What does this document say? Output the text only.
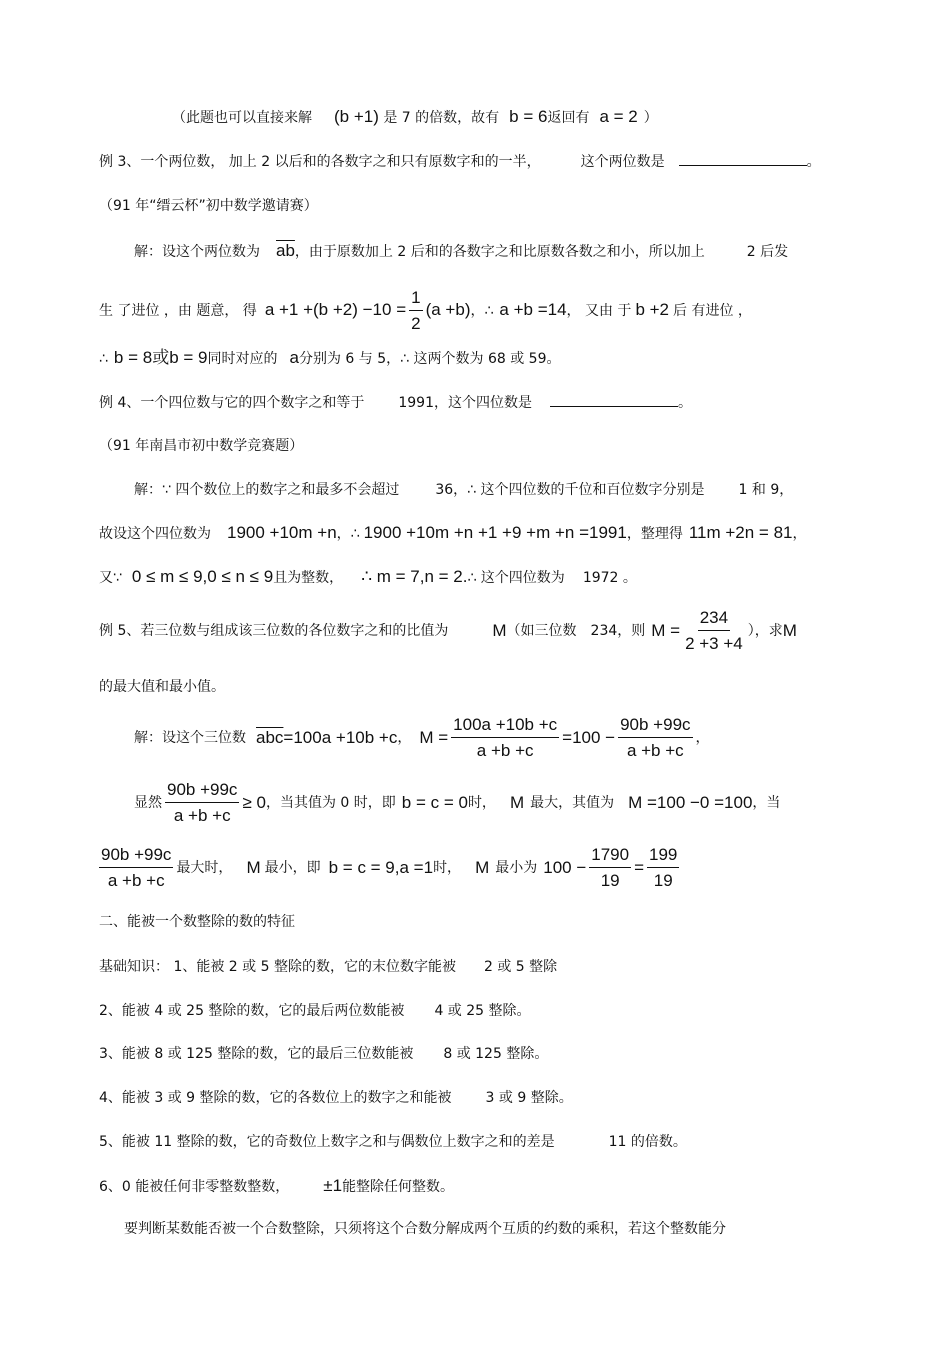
（此题也可以直接来解 (b +1) 是 7 的倍数，故有 b = 6返回有 a = 2 ）
例 3、一个两位数， 加上 2 以后和的各数字之和只有原数字和的一半，	这个两位数是	。
（91 年“缙云杯”初中数学邀请赛）
解：设这个两位数为 $\overline{ab}$，由于原数加上 2 后和的各数字之和比原数各数之和小，所以加上	2 后发
生 了进位 ，由 题意， 得 $a +1 +(b +2) -10 = \frac{1}{2} (a +b)$，∴ a +b =14， 又由 于 b +2 后 有进位 ，
∴ b = 8或b = 9同时对应的 a分别为 6 与 5，∴ 这两个数为 68 或 59。
例 4、一个四位数与它的四个数字之和等于 1991，这个四位数是	。
（91 年南昌市初中数学竞赛题）
解：∵ 四个数位上的数字之和最多不会超过	36，∴ 这个四位数的千位和百位数字分别是 1 和 9，
故设这个四位数为 1900 +10m +n，∴ 1900 +10m +n +1 +9 +m +n =1991，整理得 11m +2n = 81，
又∵ 0 ≤ m ≤ 9,0 ≤ n ≤ 9且为整数， ∴ m = 7,n = 2.∴ 这个四位数为 1972 。
例 5、若三位数与组成该三位数的各位数字之和的比值为	M （如三位数 234，则 $M = \frac{234}{2 +3 +4}$ ），求 M
的最大值和最小值。
解：设这个三位数 $\overline{abc} =100a +10b +c$ ， $M = \frac{100a +10b +c}{a +b +c} =100 - \frac{90b +99c}{a +b +c}$ ，
显然 $\frac{90b +99c}{a +b +c} \ge 0$ ，当其值为 0 时，即 b = c = 0 时， M 最大，其值为 M =100 −0 =100 ，当
$\frac{90b +99c}{a +b +c}$ 最大时， M 最小，即 b = c = 9,a =1 时， M 最小为 $100 - \frac{1790}{19} = \frac{199}{19}$
二、能被一个数整除的数的特征
基础知识： 1、能被 2 或 5 整除的数，它的末位数字能被 2 或 5 整除
2、能被 4 或 25 整除的数，它的最后两位数能被 4 或 25 整除。
3、能被 8 或 125 整除的数，它的最后三位数能被 8 或 125 整除。
4、能被 3 或 9 整除的数，它的各数位上的数字之和能被 3 或 9 整除。
5、能被 11 整除的数，它的奇数位上数字之和与偶数位上数字之和的差是	11 的倍数。
6、0 能被任何非零整数整数， ±1能整除任何整数。
要判断某数能否被一个合数整除，只须将这个合数分解成两个互质的约数的乘积，若这个整数能分
